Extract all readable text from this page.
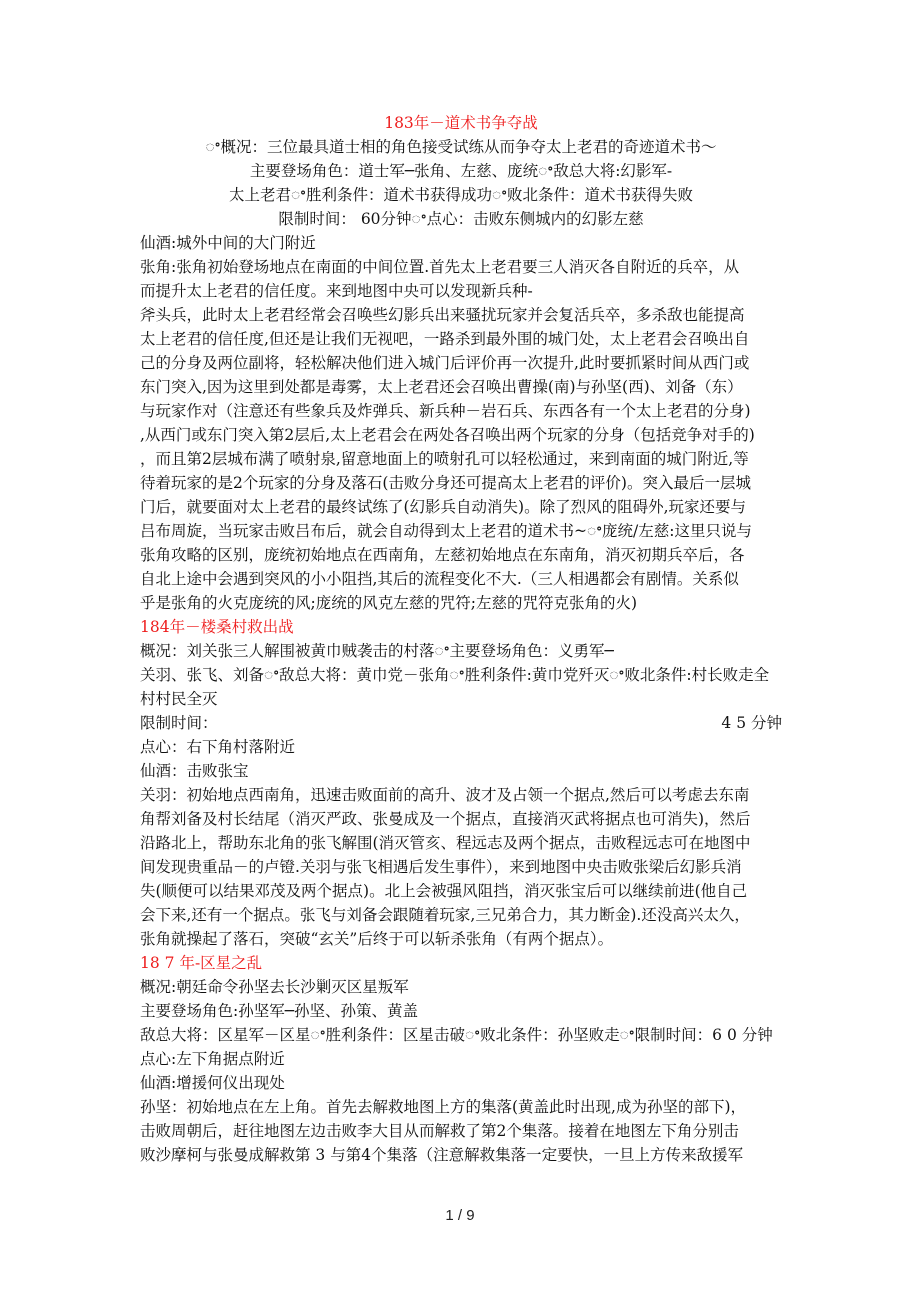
183年－道术书争夺战
ꢀ概况：三位最具道士相的角色接受试练从而争夺太上老君的奇迹道术书～
主要登场角色：道士军─张角、左慈、庞统ꢀ敌总大将:幻影军-
太上老君ꢀ胜利条件：道术书获得成功ꢀ败北条件：道术书获得失败
限制时间： 60分钟ꢀ点心：击败东侧城内的幻影左慈
仙酒:城外中间的大门附近
张角:张角初始登场地点在南面的中间位置.首先太上老君要三人消灭各自附近的兵卒，从
而提升太上老君的信任度。来到地图中央可以发现新兵种-
斧头兵，此时太上老君经常会召唤些幻影兵出来骚扰玩家并会复活兵卒，多杀敌也能提高
太上老君的信任度,但还是让我们无视吧，一路杀到最外围的城门处，太上老君会召唤出自
己的分身及两位副将，轻松解决他们进入城门后评价再一次提升,此时要抓紧时间从西门或
东门突入,因为这里到处都是毒雾，太上老君还会召唤出曹操(南)与孙坚(西)、刘备（东）
与玩家作对（注意还有些象兵及炸弹兵、新兵种－岩石兵、东西各有一个太上老君的分身)
,从西门或东门突入第2层后,太上老君会在两处各召唤出两个玩家的分身（包括竞争对手的)
，而且第2层城布满了喷射泉,留意地面上的喷射孔可以轻松通过，来到南面的城门附近,等
待着玩家的是2个玩家的分身及落石(击败分身还可提高太上老君的评价)。突入最后一层城
门后，就要面对太上老君的最终试练了(幻影兵自动消失)。除了烈风的阻碍外,玩家还要与
吕布周旋，当玩家击败吕布后，就会自动得到太上老君的道术书~ꢀ庞统/左慈:这里只说与
张角攻略的区别，庞统初始地点在西南角，左慈初始地点在东南角，消灭初期兵卒后，各
自北上途中会遇到突风的小小阻挡,其后的流程变化不大.（三人相遇都会有剧情。关系似
乎是张角的火克庞统的风;庞统的风克左慈的咒符;左慈的咒符克张角的火)
184年－楼桑村救出战
概况：刘关张三人解围被黄巾贼袭击的村落ꢀ主要登场角色：义勇军─
关羽、张飞、刘备ꢀ敌总大将：黄巾党－张角ꢀ胜利条件:黄巾党歼灭ꢀ败北条件:村长败走全
村村民全灭
限制时间：	4 5 分钟
点心：右下角村落附近
仙酒：击败张宝
关羽：初始地点西南角，迅速击败面前的高升、波才及占领一个据点,然后可以考虑去东南
角帮刘备及村长结尾（消灭严政、张曼成及一个据点，直接消灭武将据点也可消失)，然后
沿路北上，帮助东北角的张飞解围(消灭管亥、程远志及两个据点，击败程远志可在地图中
间发现贵重品－的卢镫.关羽与张飞相遇后发生事件），来到地图中央击败张梁后幻影兵消
失(顺便可以结果邓茂及两个据点)。北上会被强风阻挡，消灭张宝后可以继续前进(他自己
会下来,还有一个据点。张飞与刘备会跟随着玩家,三兄弟合力，其力断金).还没高兴太久，
张角就操起了落石，突破“玄关”后终于可以斩杀张角（有两个据点）。
18 7 年-区星之乱
概况:朝廷命令孙坚去长沙剿灭区星叛军
主要登场角色:孙坚军─孙坚、孙策、黄盖
敌总大将：区星军－区星ꢀ胜利条件：区星击破ꢀ败北条件：孙坚败走ꢀ限制时间：6 0 分钟
点心:左下角据点附近
仙酒:增援何仪出现处
孙坚：初始地点在左上角。首先去解救地图上方的集落(黄盖此时出现,成为孙坚的部下)，
击败周朝后，赶往地图左边击败李大目从而解救了第2个集落。接着在地图左下角分别击
败沙摩柯与张曼成解救第 3 与第4个集落（注意解救集落一定要快，一旦上方传来敌援军
1 / 9
